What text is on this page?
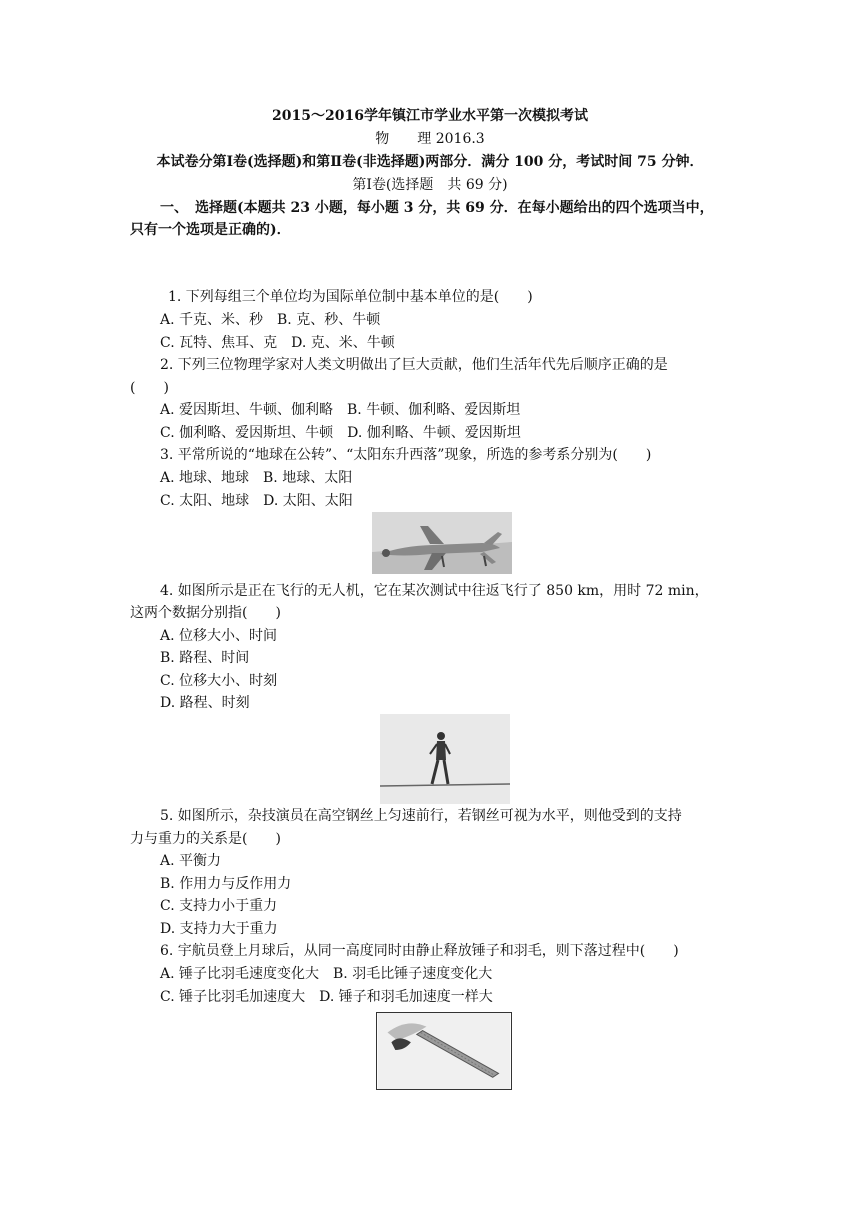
2015～2016学年镇江市学业水平第一次模拟考试
物　　理 2016.3
本试卷分第Ⅰ卷(选择题)和第Ⅱ卷(非选择题)两部分．满分 100 分，考试时间 75 分钟．
第Ⅰ卷(选择题　共 69 分)
一、　选择题(本题共 23 小题，每小题 3 分，共 69 分．在每小题给出的四个选项当中，
只有一个选项是正确的)．
1. 下列每组三个单位均为国际单位制中基本单位的是(　　)
A. 千克、米、秒　B. 克、秒、牛顿
C. 瓦特、焦耳、克　D. 克、米、牛顿
2. 下列三位物理学家对人类文明做出了巨大贡献，他们生活年代先后顺序正确的是
(　　)
A. 爱因斯坦、牛顿、伽利略　B. 牛顿、伽利略、爱因斯坦
C. 伽利略、爱因斯坦、牛顿　D. 伽利略、牛顿、爱因斯坦
3. 平常所说的“地球在公转”、“太阳东升西落”现象，所选的参考系分别为(　　)
A. 地球、地球　B. 地球、太阳
C. 太阳、地球　D. 太阳、太阳
4. 如图所示是正在飞行的无人机，它在某次测试中往返飞行了 850 km，用时 72 min，
这两个数据分别指(　　)
A. 位移大小、时间
B. 路程、时间
C. 位移大小、时刻
D. 路程、时刻
5. 如图所示，杂技演员在高空钢丝上匀速前行，若钢丝可视为水平，则他受到的支持
力与重力的关系是(　　)
A. 平衡力
B. 作用力与反作用力
C. 支持力小于重力
D. 支持力大于重力
6. 宇航员登上月球后，从同一高度同时由静止释放锤子和羽毛，则下落过程中(　　)
A. 锤子比羽毛速度变化大　B. 羽毛比锤子速度变化大
C. 锤子比羽毛加速度大　D. 锤子和羽毛加速度一样大
